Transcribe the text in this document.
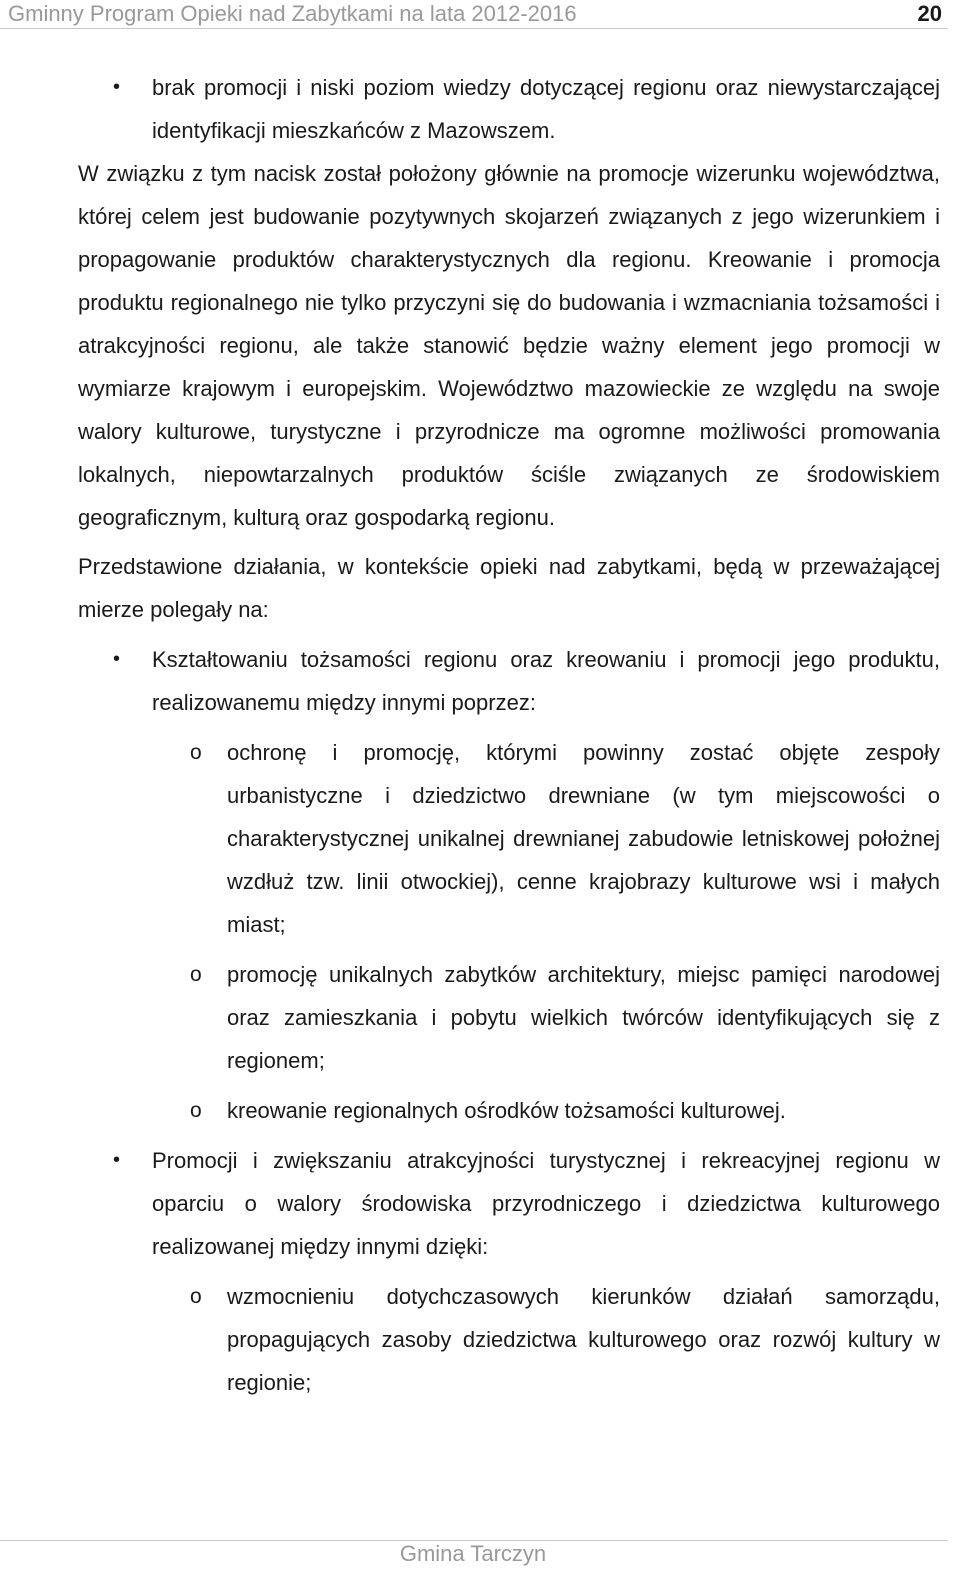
Gminny Program Opieki nad Zabytkami na lata 2012-2016	20
• brak promocji i niski poziom wiedzy dotyczącej regionu oraz niewystarczającej identyfikacji mieszkańców z Mazowszem.

W związku z tym nacisk został położony głównie na promocje wizerunku województwa, której celem jest budowanie pozytywnych skojarzeń związanych z jego wizerunkiem i propagowanie produktów charakterystycznych dla regionu. Kreowanie i promocja produktu regionalnego nie tylko przyczyni się do budowania i wzmacniania tożsamości i atrakcyjności regionu, ale także stanowić będzie ważny element jego promocji w wymiarze krajowym i europejskim. Województwo mazowieckie ze względu na swoje walory kulturowe, turystyczne i przyrodnicze ma ogromne możliwości promowania lokalnych, niepowtarzalnych produktów ściśle związanych ze środowiskiem geograficznym, kulturą oraz gospodarką regionu.

Przedstawione działania, w kontekście opieki nad zabytkami, będą w przeważającej mierze polegały na:

• Kształtowaniu tożsamości regionu oraz kreowaniu i promocji jego produktu, realizowanemu między innymi poprzez:
o ochronę i promocję, którymi powinny zostać objęte zespoły urbanistyczne i dziedzictwo drewniane (w tym miejscowości o charakterystycznej unikalnej drewnianej zabudowie letniskowej położnej wzdłuż tzw. linii otwockiej), cenne krajobrazy kulturowe wsi i małych miast;
o promocję unikalnych zabytków architektury, miejsc pamięci narodowej oraz zamieszkania i pobytu wielkich twórców identyfikujących się z regionem;
o kreowanie regionalnych ośrodków tożsamości kulturowej.
• Promocji i zwiększaniu atrakcyjności turystycznej i rekreacyjnej regionu w oparciu o walory środowiska przyrodniczego i dziedzictwa kulturowego realizowanej między innymi dzięki:
o wzmocnieniu dotychczasowych kierunków działań samorządu, propagujących zasoby dziedzictwa kulturowego oraz rozwój kultury w regionie;
Gmina Tarczyn
